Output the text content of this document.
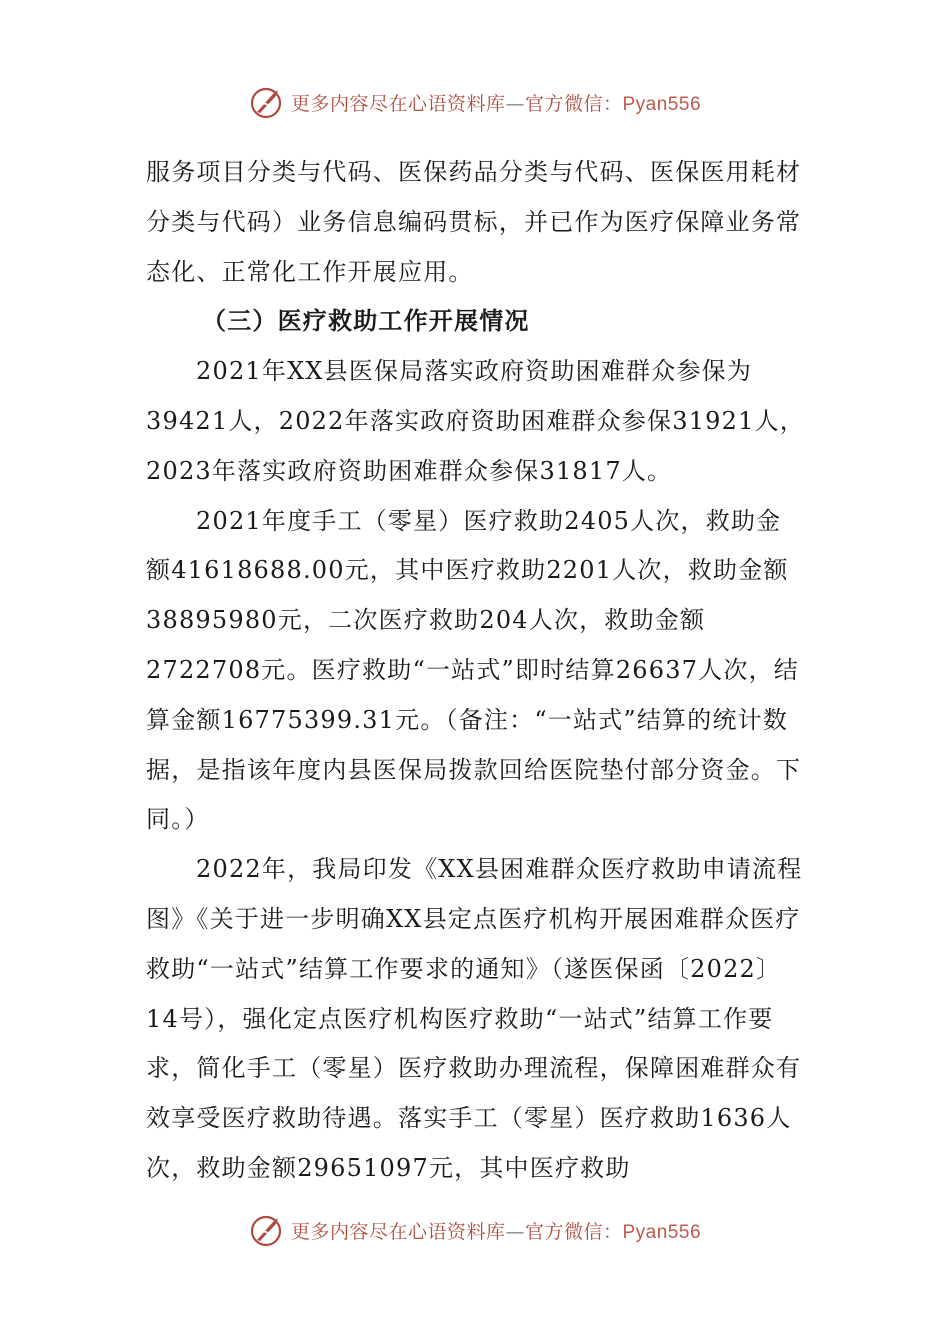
更多内容尽在心语资料库—官方微信：Pyan556

服务项目分类与代码、医保药品分类与代码、医保医用耗材分类与代码）业务信息编码贯标，并已作为医疗保障业务常态化、正常化工作开展应用。

（三）医疗救助工作开展情况

2021年XX县医保局落实政府资助困难群众参保为39421人，2022年落实政府资助困难群众参保31921人，2023年落实政府资助困难群众参保31817人。

2021年度手工（零星）医疗救助2405人次，救助金额41618688.00元，其中医疗救助2201人次，救助金额38895980元，二次医疗救助204人次，救助金额2722708元。医疗救助“一站式”即时结算26637人次，结算金额16775399.31元。（备注：“一站式”结算的统计数据，是指该年度内县医保局拨款回给医院垫付部分资金。下同。）

2022年，我局印发《XX县困难群众医疗救助申请流程图》《关于进一步明确XX县定点医疗机构开展困难群众医疗救助“一站式”结算工作要求的通知》（遂医保函〔2022〕14号），强化定点医疗机构医疗救助“一站式”结算工作要求，简化手工（零星）医疗救助办理流程，保障困难群众有效享受医疗救助待遇。落实手工（零星）医疗救助1636人次，救助金额29651097元，其中医疗救助

更多内容尽在心语资料库—官方微信：Pyan556
